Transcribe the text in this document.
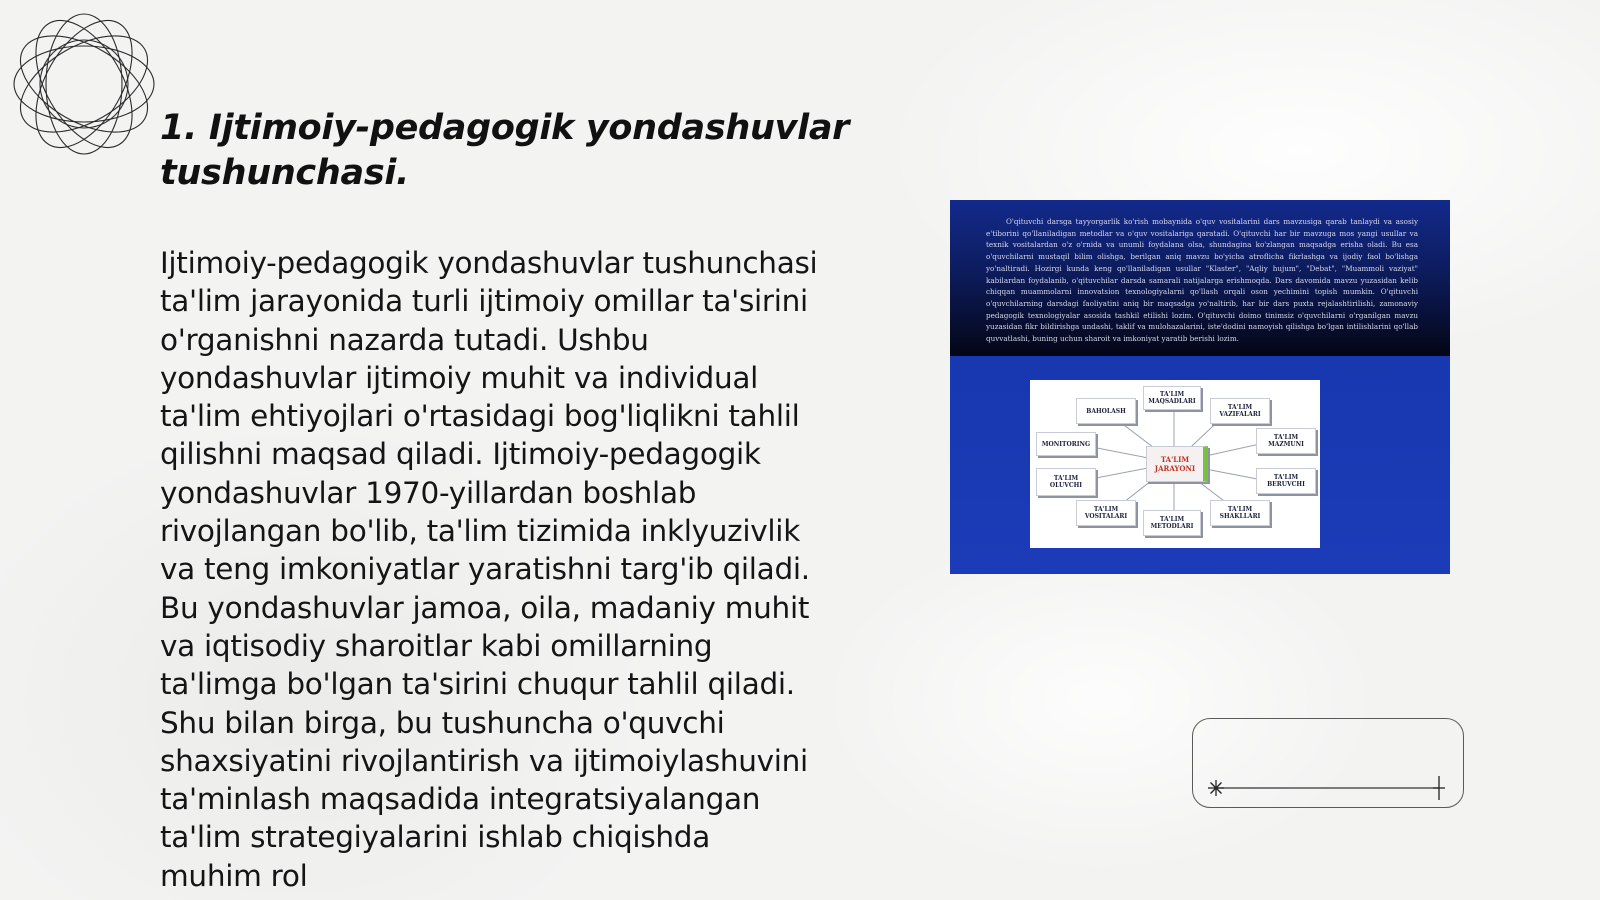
1. Ijtimoiy-pedagogik yondashuvlar tushunchasi.
Ijtimoiy-pedagogik yondashuvlar tushunchasi ta'lim jarayonida turli ijtimoiy omillar ta'sirini o'rganishni nazarda tutadi. Ushbu yondashuvlar ijtimoiy muhit va individual ta'lim ehtiyojlari o'rtasidagi bog'liqlikni tahlil qilishni maqsad qiladi. Ijtimoiy-pedagogik yondashuvlar 1970-yillardan boshlab rivojlangan bo'lib, ta'lim tizimida inklyuzivlik va teng imkoniyatlar yaratishni targ'ib qiladi. Bu yondashuvlar jamoa, oila, madaniy muhit va iqtisodiy sharoitlar kabi omillarning ta'limga bo'lgan ta'sirini chuqur tahlil qiladi. Shu bilan birga, bu tushuncha o'quvchi shaxsiyatini rivojlantirish va ijtimoiylashuvini ta'minlash maqsadida integratsiyalangan ta'lim strategiyalarini ishlab chiqishda muhim rol
O'qituvchi darsga tayyorgarlik ko'rish mobaynida o'quv vositalarini dars mavzusiga qarab tanlaydi va asosiy e'tiborini qo'llaniladigan metodlar va o'quv vositalariga qaratadi. O'qituvchi har bir mavzuga mos yangi usullar va texnik vositalardan o'z o'rnida va unumli foydalana olsa, shundagina ko'zlangan maqsadga erisha oladi. Bu esa o'quvchilarni mustaqil bilim olishga, berilgan aniq mavzu bo'yicha atroflicha fikrlashga va ijodiy faol bo'lishga yo'naltiradi. Hozirgi kunda keng qo'llaniladigan usullar "Klaster", "Aqliy hujum", "Debat", "Muammoli vaziyat" kabilardan foydalanib, o'qituvchilar darsda samarali natijalarga erishmoqda. Dars davomida mavzu yuzasidan kelib chiqqan muammolarni innovatsion texnologiyalarni qo'llash orqali oson yechimini topish mumkin. O'qituvchi o'quvchilarning darsdagi faoliyatini aniq bir maqsadga yo'naltirib, har bir dars puxta rejalashtirilishi, zamonaviy pedagogik texnologiyalar asosida tashkil etilishi lozim. O'qituvchi doimo tinimsiz o'quvchilarni o'rganilgan mavzu yuzasidan fikr bildirishga undashi, taklif va mulohazalarini, iste'dodini namoyish qilishga bo'lgan intilishlarini qo'llab quvvatlashi, buning uchun sharoit va imkoniyat yaratib berishi lozim.
TA'LIM MAQSADLARI
TA'LIM VAZIFALARI
TA'LIM MAZMUNI
TA'LIM BERUVCHI
TA'LIM SHAKLLARI
TA'LIM METODLARI
TA'LIM VOSITALARI
TA'LIM OLUVCHI
MONITORING
BAHOLASH
TA'LIM JARAYONI
